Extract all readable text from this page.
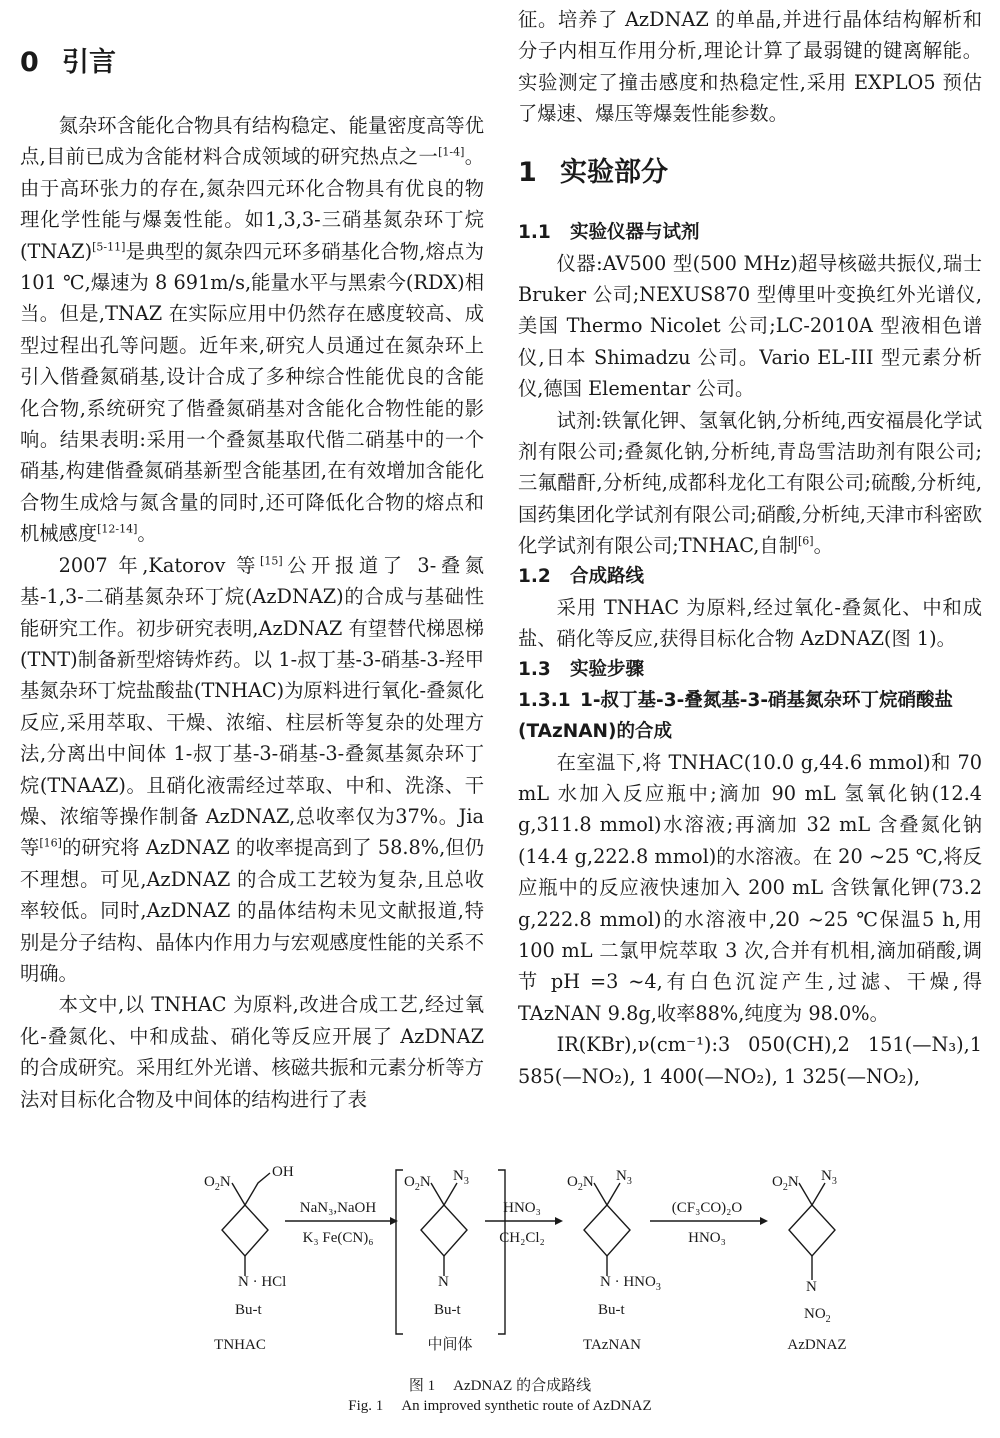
0 引言

氮杂环含能化合物具有结构稳定、能量密度高等优点,目前已成为含能材料合成领域的研究热点之一[1-4]。由于高环张力的存在,氮杂四元环化合物具有优良的物理化学性能与爆轰性能。如1,3,3-三硝基氮杂环丁烷(TNAZ)[5-11]是典型的氮杂四元环多硝基化合物,熔点为 101 ℃,爆速为 8 691m/s,能量水平与黑索今(RDX)相当。但是,TNAZ 在实际应用中仍然存在感度较高、成型过程出孔等问题。近年来,研究人员通过在氮杂环上引入偕叠氮硝基,设计合成了多种综合性能优良的含能化合物,系统研究了偕叠氮硝基对含能化合物性能的影响。结果表明:采用一个叠氮基取代偕二硝基中的一个硝基,构建偕叠氮硝基新型含能基团,在有效增加含能化合物生成焓与氮含量的同时,还可降低化合物的熔点和机械感度[12-14]。

2007 年,Katorov 等[15]公开报道了 3-叠氮基-1,3-二硝基氮杂环丁烷(AzDNAZ)的合成与基础性能研究工作。初步研究表明,AzDNAZ 有望替代梯恩梯(TNT)制备新型熔铸炸药。以 1-叔丁基-3-硝基-3-羟甲基氮杂环丁烷盐酸盐(TNHAC)为原料进行氧化-叠氮化反应,采用萃取、干燥、浓缩、柱层析等复杂的处理方法,分离出中间体 1-叔丁基-3-硝基-3-叠氮基氮杂环丁烷(TNAAZ)。且硝化液需经过萃取、中和、洗涤、干燥、浓缩等操作制备 AzDNAZ,总收率仅为37%。Jia 等[16]的研究将 AzDNAZ 的收率提高到了 58.8%,但仍不理想。可见,AzDNAZ 的合成工艺较为复杂,且总收率较低。同时,AzDNAZ 的晶体结构未见文献报道,特别是分子结构、晶体内作用力与宏观感度性能的关系不明确。

本文中,以 TNHAC 为原料,改进合成工艺,经过氧化-叠氮化、中和成盐、硝化等反应开展了 AzDNAZ 的合成研究。采用红外光谱、核磁共振和元素分析等方法对目标化合物及中间体的结构进行了表

征。培养了 AzDNAZ 的单晶,并进行晶体结构解析和分子内相互作用分析,理论计算了最弱键的键离解能。实验测定了撞击感度和热稳定性,采用 EXPLO5 预估了爆速、爆压等爆轰性能参数。

1 实验部分
1.1 实验仪器与试剂

仪器:AV500 型(500 MHz)超导核磁共振仪,瑞士 Bruker 公司;NEXUS870 型傅里叶变换红外光谱仪,美国 Thermo Nicolet 公司;LC-2010A 型液相色谱仪,日本 Shimadzu 公司。Vario EL-III 型元素分析仪,德国 Elementar 公司。

试剂:铁氰化钾、氢氧化钠,分析纯,西安福晨化学试剂有限公司;叠氮化钠,分析纯,青岛雪洁助剂有限公司;三氟醋酐,分析纯,成都科龙化工有限公司;硫酸,分析纯,国药集团化学试剂有限公司;硝酸,分析纯,天津市科密欧化学试剂有限公司;TNHAC,自制[6]。

1.2 合成路线

采用 TNHAC 为原料,经过氧化-叠氮化、中和成盐、硝化等反应,获得目标化合物 AzDNAZ(图 1)。

1.3 实验步骤
1.3.1 1-叔丁基-3-叠氮基-3-硝基氮杂环丁烷硝酸盐(TAzNAN)的合成

在室温下,将 TNHAC(10.0 g,44.6 mmol)和 70 mL 水加入反应瓶中;滴加 90 mL 氢氧化钠(12.4 g,311.8 mmol)水溶液;再滴加 32 mL 含叠氮化钠(14.4 g,222.8 mmol)的水溶液。在 20 ~25 ℃,将反应瓶中的反应液快速加入 200 mL 含铁氰化钾(73.2 g,222.8 mmol)的水溶液中,20 ~25 ℃保温5 h,用 100 mL 二氯甲烷萃取 3 次,合并有机相,滴加硝酸,调节 pH =3 ~4,有白色沉淀产生,过滤、干燥,得 TAzNAN 9.8g,收率88%,纯度为 98.0%。

IR(KBr),ν(cm⁻¹):3 050(CH),2 151(—N₃),1 585(—NO₂), 1 400(—NO₂), 1 325(—NO₂),

$O_2N$
OH
N · HCl
Bu-t
$O_2N$ $N_3$
N
Bu-t
$O_2N$ $N_3$
$N \cdot HNO_3$
Bu-t
$O_2N$ $N_3$
N
$NO_2$
NaN₃,NaOH
K₃ Fe(CN)₆
HNO₃
CH₂Cl₂
(CF₃CO)₂O
HNO₃
TNHAC	中间体	TAzNAN	AzDNAZ
图 1 AzDNAZ 的合成路线
Fig. 1 An improved synthetic route of AzDNAZ
